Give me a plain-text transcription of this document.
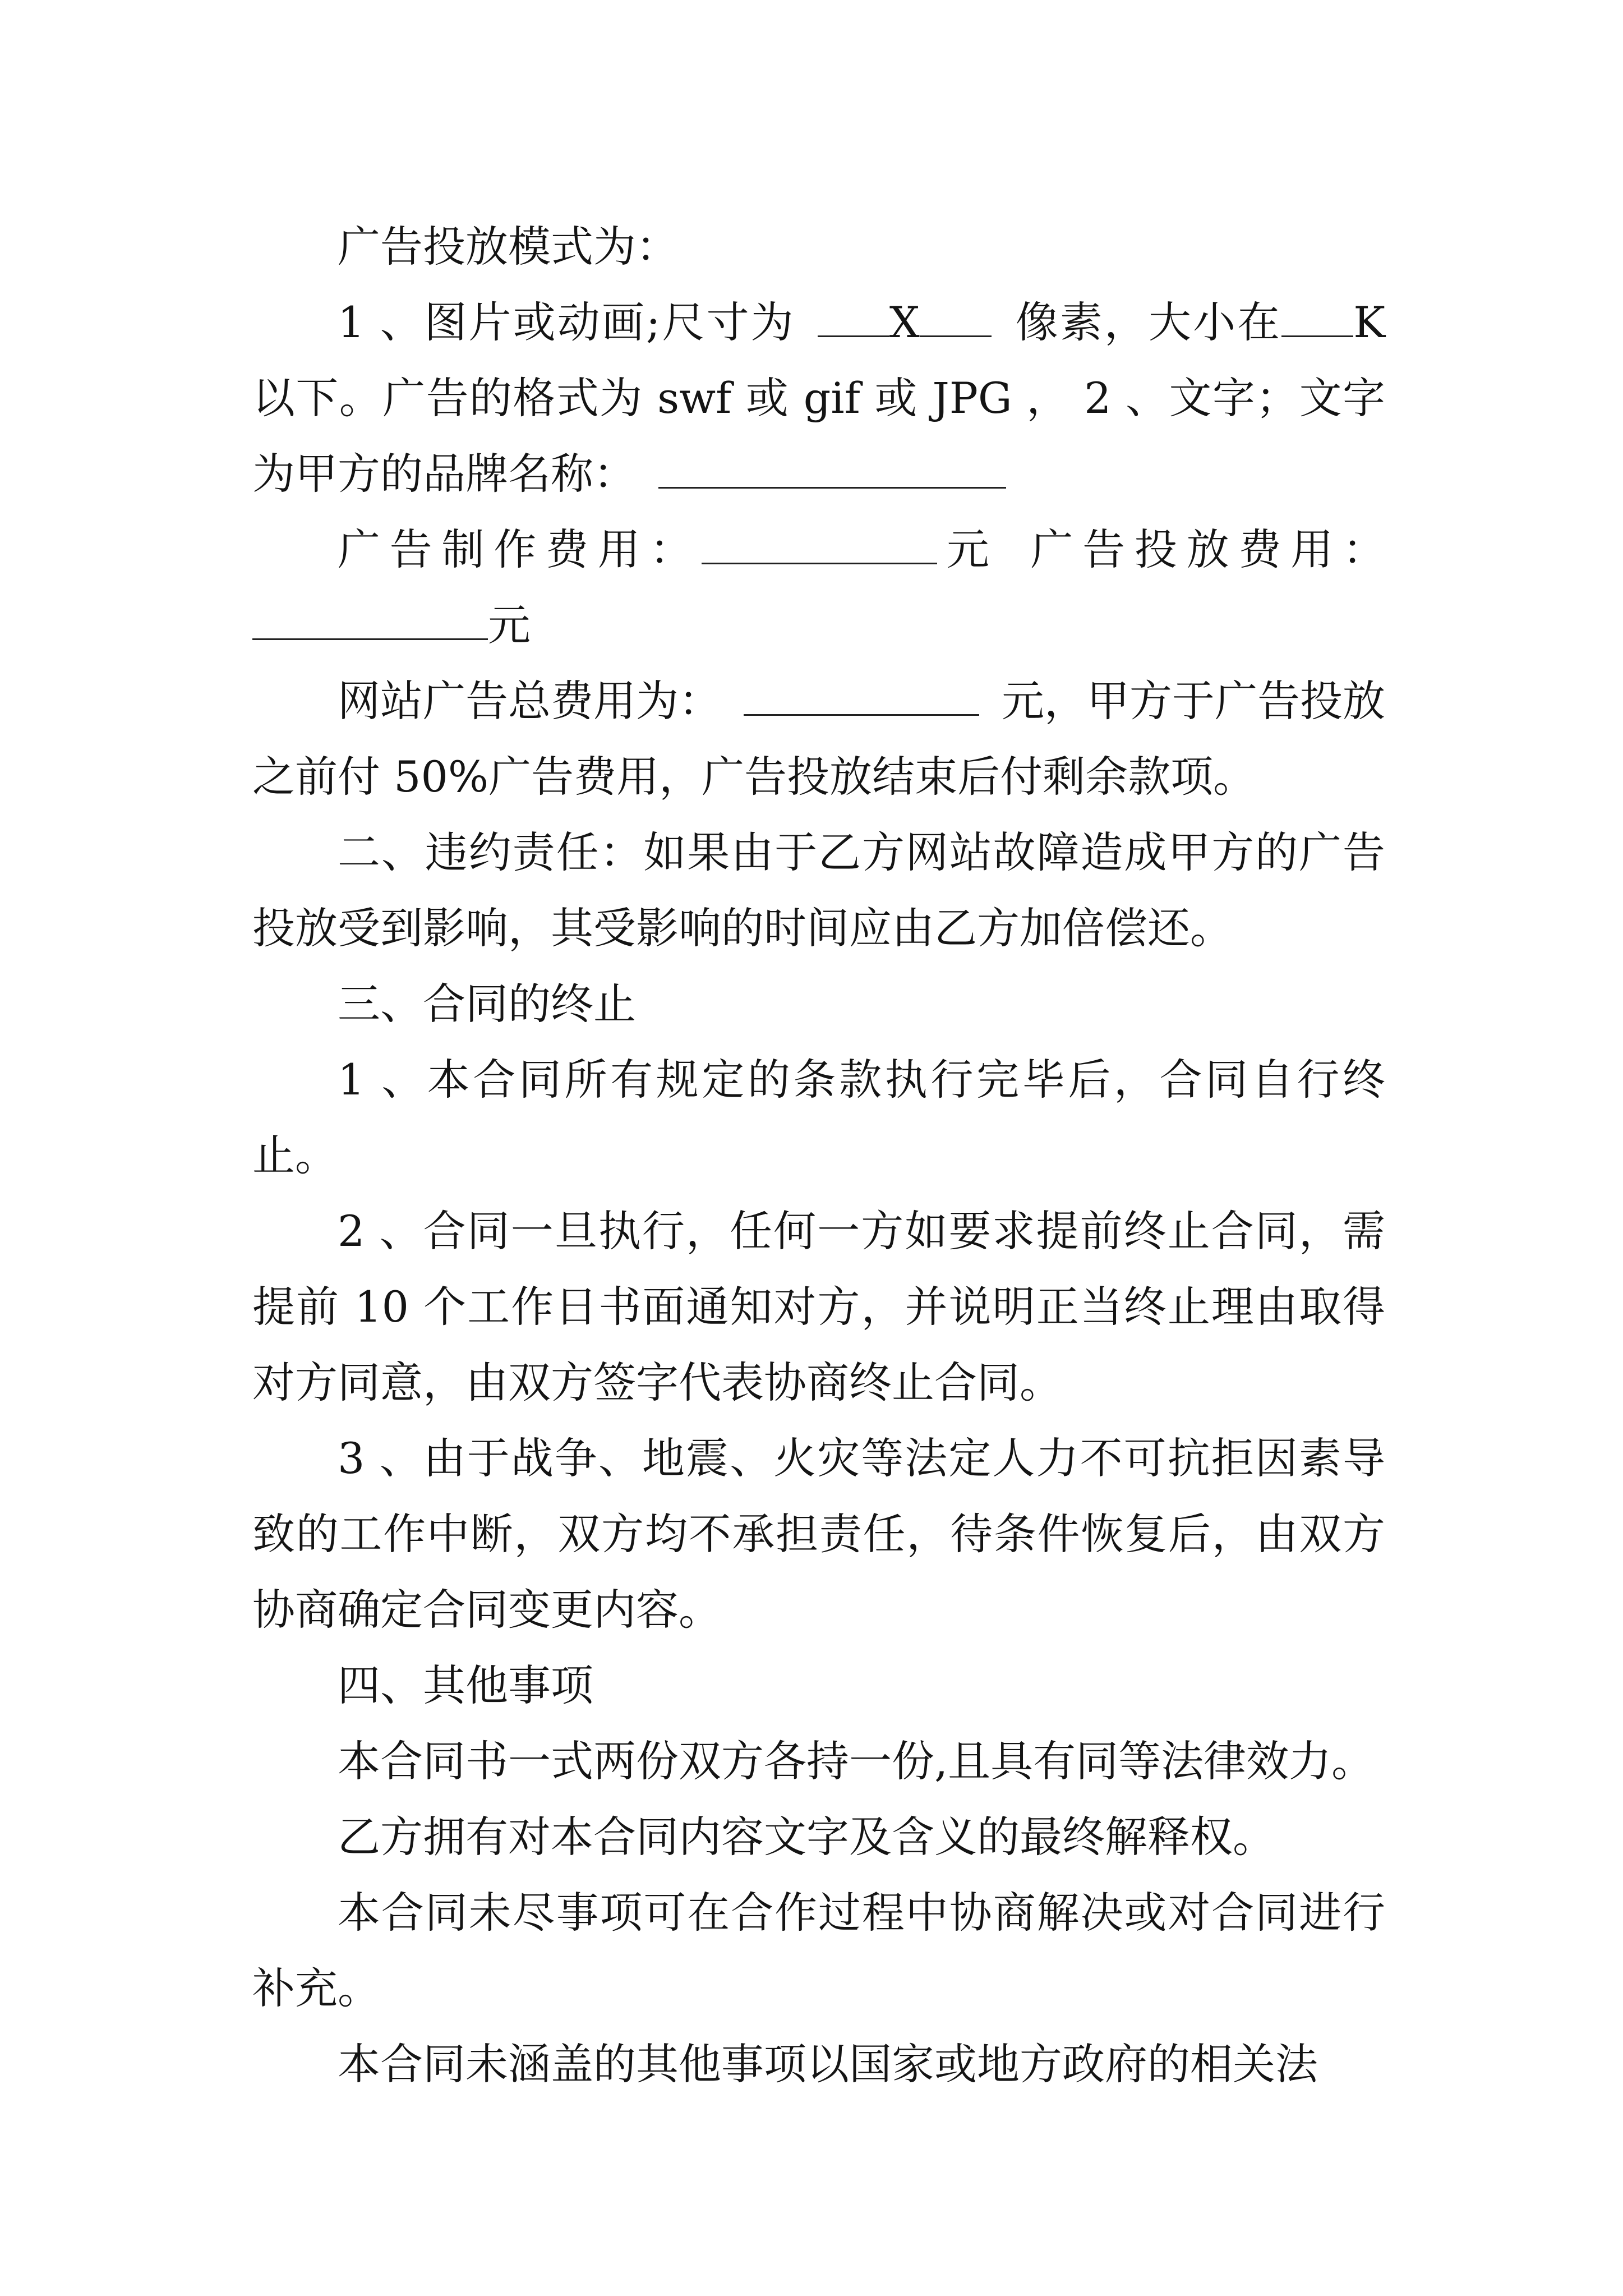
广告投放模式为：

1 、图片或动画;尺寸为 X 像素，大小在 K 以下。广告的格式为 swf 或 gif 或 JPG ， 2 、文字；文字为甲方的品牌名称：

广告制作费用：	元 广告投放费用：元

网站广告总费用为：	元，甲方于广告投放之前付 50%广告费用，广告投放结束后付剩余款项。

二、违约责任：如果由于乙方网站故障造成甲方的广告投放受到影响，其受影响的时间应由乙方加倍偿还。

三、合同的终止

1 、本合同所有规定的条款执行完毕后，合同自行终止。

2 、合同一旦执行，任何一方如要求提前终止合同，需提前 10 个工作日书面通知对方，并说明正当终止理由取得对方同意，由双方签字代表协商终止合同。

3 、由于战争、地震、火灾等法定人力不可抗拒因素导致的工作中断，双方均不承担责任，待条件恢复后，由双方协商确定合同变更内容。

四、其他事项

本合同书一式两份双方各持一份,且具有同等法律效力。

乙方拥有对本合同内容文字及含义的最终解释权。

本合同未尽事项可在合作过程中协商解决或对合同进行补充。

本合同未涵盖的其他事项以国家或地方政府的相关法
